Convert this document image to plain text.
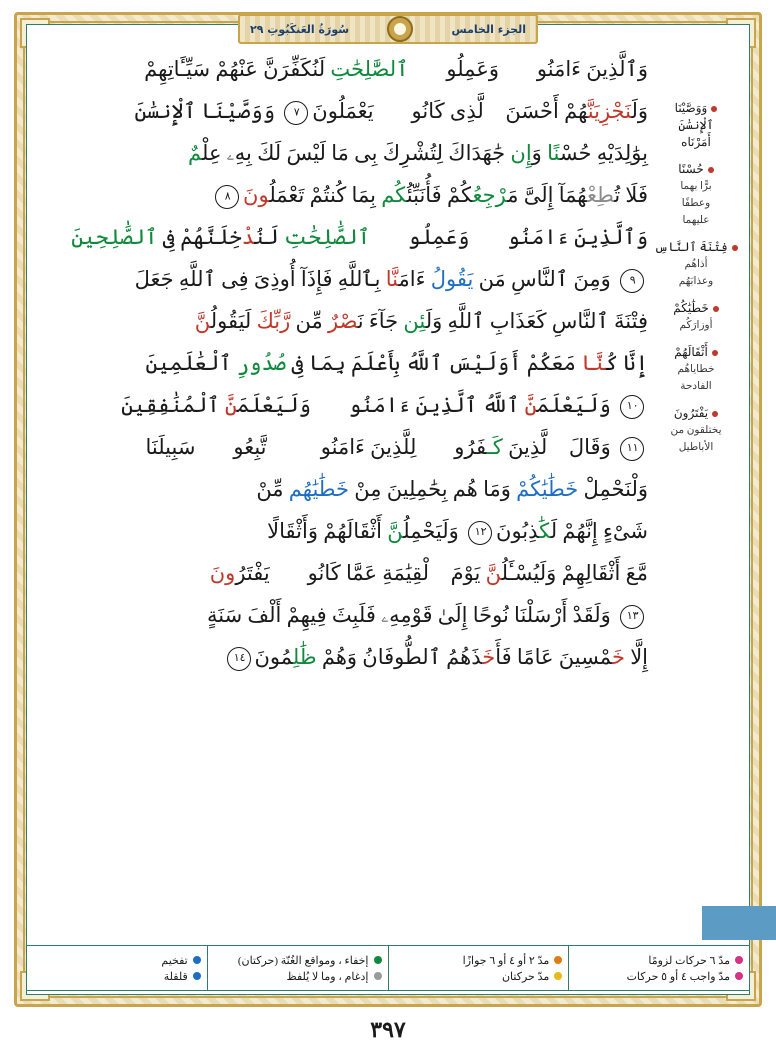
الجزء الخامس
سُورَةُ العَنكَبُوتِ ٢٩
وَٱلَّذِينَ ءَامَنُوا۟ وَعَمِلُوا۟ ٱلصَّٰلِحَٰتِ لَنُكَفِّرَنَّ عَنْهُمْ سَيِّـَٔاتِهِمْ
وَلَنَجْزِيَنَّهُمْ أَحْسَنَ ٱلَّذِى كَانُوا۟ يَعْمَلُونَ٧ وَوَصَّيْنَا ٱلْإِنسَٰنَ
بِوَٰلِدَيْهِ حُسْنًا وَإِن جَٰهَدَاكَ لِتُشْرِكَ بِى مَا لَيْسَ لَكَ بِهِۦ عِلْمٌ
فَلَا تُطِعْهُمَآ إِلَىَّ مَرْجِعُكُمْ فَأُنَبِّئُكُم بِمَا كُنتُمْ تَعْمَلُونَ٨
وَٱلَّذِينَ ءَامَنُوا۟ وَعَمِلُوا۟ ٱلصَّٰلِحَٰتِ لَنُدْخِلَنَّهُمْ فِى ٱلصَّٰلِحِينَ
٩ وَمِنَ ٱلنَّاسِ مَن يَقُولُ ءَامَنَّا بِٱللَّهِ فَإِذَآ أُوذِىَ فِى ٱللَّهِ جَعَلَ
فِتْنَةَ ٱلنَّاسِ كَعَذَابِ ٱللَّهِ وَلَئِن جَآءَ نَصْرٌ مِّن رَّبِّكَ لَيَقُولُنَّ
إِنَّا كُنَّا مَعَكُمْ أَوَلَيْسَ ٱللَّهُ بِأَعْلَمَ بِمَا فِى صُدُورِ ٱلْعَٰلَمِينَ
١٠ وَلَيَعْلَمَنَّ ٱللَّهُ ٱلَّذِينَ ءَامَنُوا۟ وَلَيَعْلَمَنَّ ٱلْمُنَٰفِقِينَ
١١ وَقَالَ ٱلَّذِينَ كَـفَرُوا۟ لِلَّذِينَ ءَامَنُوا۟ ٱتَّبِعُوا۟ سَبِيلَنَا
وَلْنَحْمِلْ خَطَٰيَٰكُمْ وَمَا هُم بِحَٰمِلِينَ مِنْ خَطَٰيَٰهُم مِّنْ
شَىْءٍ إِنَّهُمْ لَكَٰذِبُونَ١٢ وَلَيَحْمِلُنَّ أَثْقَالَهُمْ وَأَثْقَالًا
مَّعَ أَثْقَالِهِمْ وَلَيُسْـَٔلُنَّ يَوْمَ ٱلْقِيَٰمَةِ عَمَّا كَانُوا۟ يَفْتَرُونَ
١٣ وَلَقَدْ أَرْسَلْنَا نُوحًا إِلَىٰ قَوْمِهِۦ فَلَبِثَ فِيهِمْ أَلْفَ سَنَةٍ
إِلَّا خَمْسِينَ عَامًا فَأَخَذَهُمُ ٱلطُّوفَانُ وَهُمْ ظَٰلِمُونَ١٤
وَوَصَّيْنَا
ٱلْإِنسَٰنَ
أَمَرْنَاه
حُسْنًا
برًّا بهما
وعطفًا
عليهما
فِتْنَةَ ٱلنَّاسِ
أذاهُم
وعذابَهُم
خَطَٰيَٰكُمْ
أوزارَكُم
أَثْقَالَهُمْ
خطاياهُم
الفادحة
يَفْتَرُونَ
يختلقون من
الأباطيل
مدّ ٦ حركات لزومًا
مدّ واجب ٤ أو ٥ حركات
مدّ ٢ أو ٤ أو ٦ جوازًا
مدّ حركتان
إخفاء ، ومواقع الغُنّة (حركتان)
إدغام ، وما لا يُلفظ
تفخيم
قلقلة
٣٩٧
